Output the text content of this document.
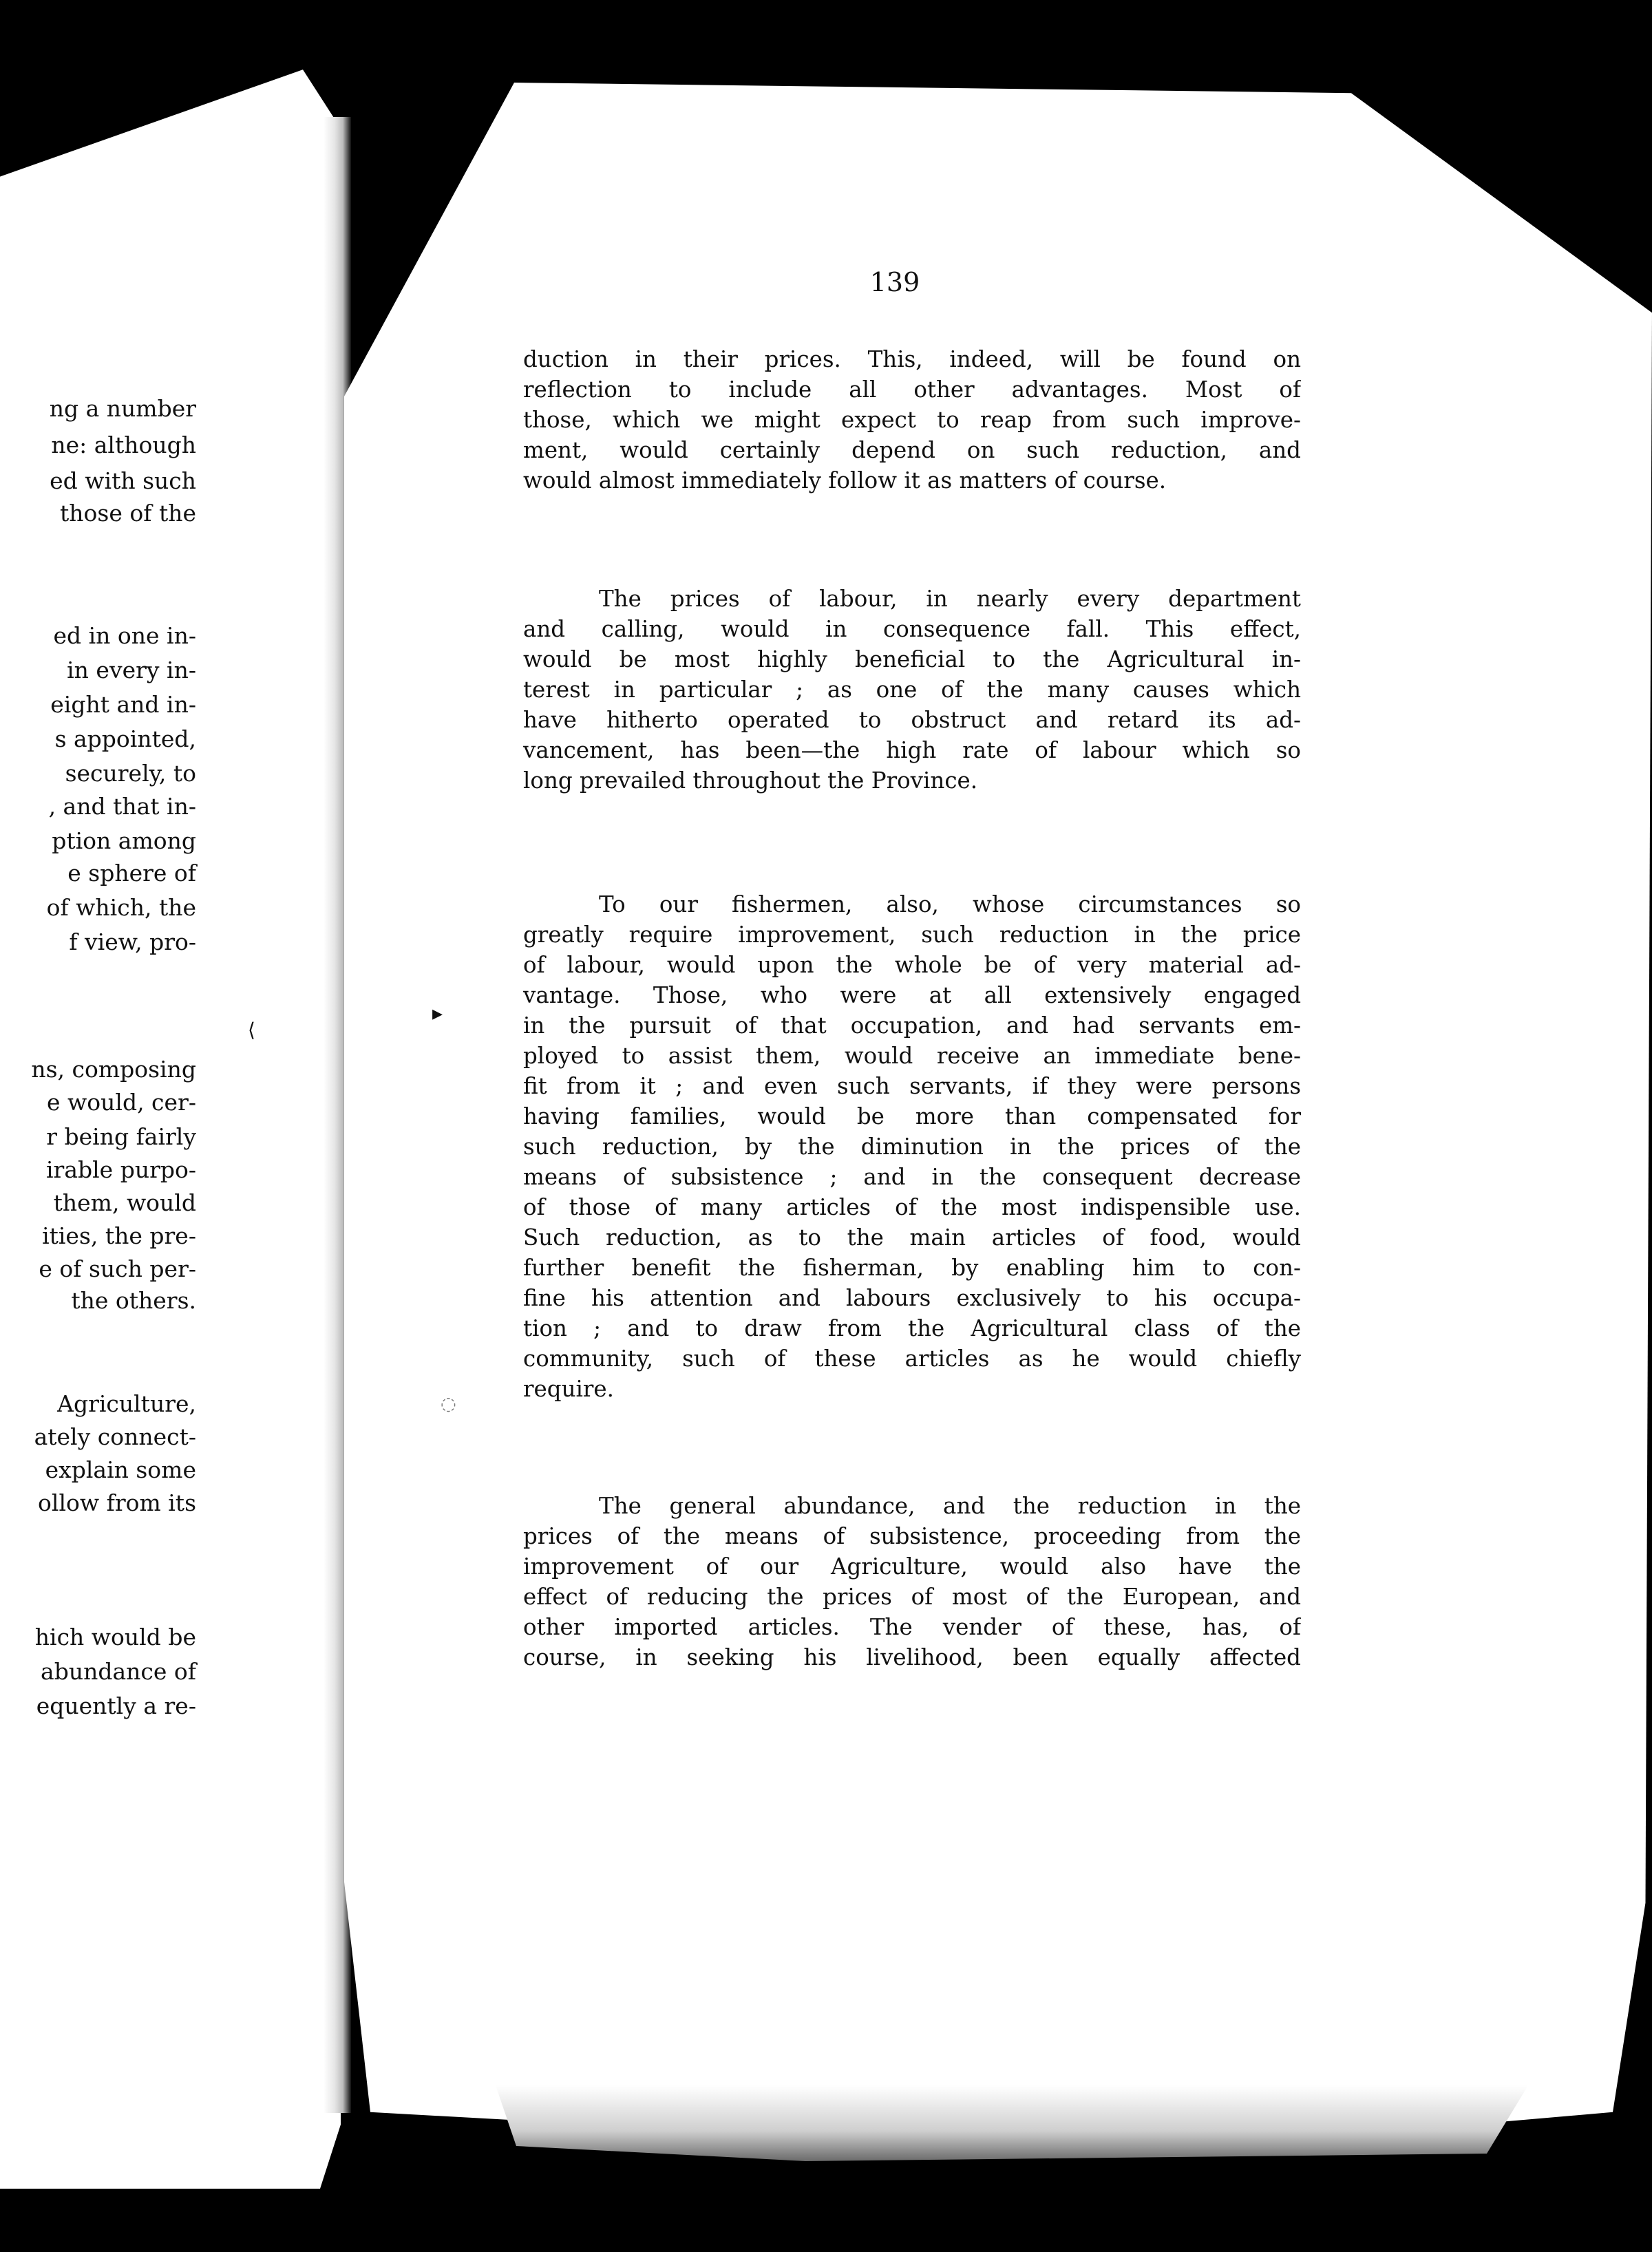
ng a number
ne: although
ed with such
those of the
ed in one in-
in every in-
eight and in-
s appointed,
securely, to
, and that in-
ption among
e sphere of
of which, the
f view, pro-
ns, composing
e would, cer-
r being fairly
irable purpo-
them, would
ities, the pre-
e of such per-
the others.
Agriculture,
ately connect-
explain some
ollow from its
hich would be
abundance of
equently a re-
139
duction in their prices. This, indeed, will be found on
reflection to include all other advantages. Most of
those, which we might expect to reap from such improve-
ment, would certainly depend on such reduction, and
would almost immediately follow it as matters of course.
The prices of labour, in nearly every department
and calling, would in consequence fall. This effect,
would be most highly beneficial to the Agricultural in-
terest in particular ; as one of the many causes which
have hitherto operated to obstruct and retard its ad-
vancement, has been—the high rate of labour which so
long prevailed throughout the Province.
To our fishermen, also, whose circumstances so
greatly require improvement, such reduction in the price
of labour, would upon the whole be of very material ad-
vantage. Those, who were at all extensively engaged
in the pursuit of that occupation, and had servants em-
ployed to assist them, would receive an immediate bene-
fit from it ; and even such servants, if they were persons
having families, would be more than compensated for
such reduction, by the diminution in the prices of the
means of subsistence ; and in the consequent decrease
of those of many articles of the most indispensible use.
Such reduction, as to the main articles of food, would
further benefit the fisherman, by enabling him to con-
fine his attention and labours exclusively to his occupa-
tion ; and to draw from the Agricultural class of the
community, such of these articles as he would chiefly
require.
The general abundance, and the reduction in the
prices of the means of subsistence, proceeding from the
improvement of our Agriculture, would also have the
effect of reducing the prices of most of the European, and
other imported articles. The vender of these, has, of
course, in seeking his livelihood, been equally affected
▸
⟨
◌
